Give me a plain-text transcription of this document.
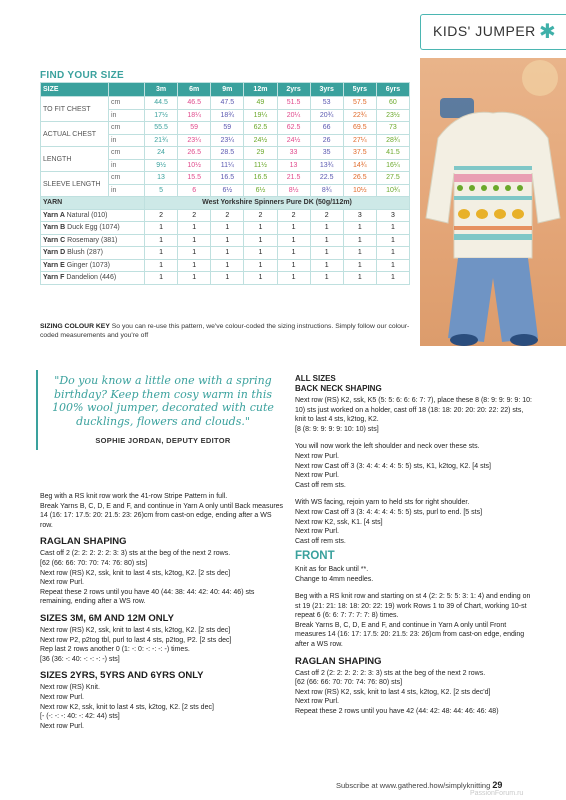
KIDS' JUMPER ✱
FIND YOUR SIZE
SIZE		3m	6m	9m	12m	2yrs	3yrs	5yrs	6yrs
TO FIT CHEST	cm	44.5	46.5	47.5	49	51.5	53	57.5	60
	in	17½	18¼	18¾	19¼	20¼	20¾	22¾	23½
ACTUAL CHEST	cm	55.5	59	59	62.5	62.5	66	69.5	73
	in	21¾	23¼	23¼	24½	24½	26	27¼	28¾
LENGTH	cm	24	26.5	28.5	29	33	35	37.5	41.5
	in	9½	10½	11¼	11½	13	13¾	14¾	16¼
SLEEVE LENGTH	cm	13	15.5	16.5	16.5	21.5	22.5	26.5	27.5
	in	5	6	6½	6½	8½	8¾	10½	10¾
YARN		West Yorkshire Spinners Pure DK (50g/112m)							
Yarn A Natural (010)		2	2	2	2	2	2	3	3
Yarn B Duck Egg (1074)		1	1	1	1	1	1	1	1
Yarn C Rosemary (381)		1	1	1	1	1	1	1	1
Yarn D Blush (287)		1	1	1	1	1	1	1	1
Yarn E Ginger (1073)		1	1	1	1	1	1	1	1
Yarn F Dandelion (446)		1	1	1	1	1	1	1	1
SIZING COLOUR KEY So you can re-use this pattern, we've colour-coded the sizing instructions. Simply follow our colour-coded measurements and you're off
"Do you know a little one with a spring birthday? Keep them cosy warm in this 100% wool jumper, decorated with cute ducklings, flowers and clouds."
SOPHIE JORDAN, DEPUTY EDITOR

Beg with a RS knit row work the 41-row Stripe Pattern in full.

Break Yarns B, C, D, E and F, and continue in Yarn A only until Back measures 14 (16: 17: 17.5: 20: 21.5: 23: 26)cm from cast-on edge, ending after a WS row.

RAGLAN SHAPING

Cast off 2 (2: 2: 2: 2: 2: 3: 3) sts at the beg of the next 2 rows.

[62 (66: 66: 70: 70: 74: 76: 80) sts]

Next row (RS) K2, ssk, knit to last 4 sts, k2tog, K2. [2 sts dec]

Next row Purl.

Repeat these 2 rows until you have 40 (44: 38: 44: 42: 40: 44: 46) sts remaining, ending after a WS row.

SIZES 3M, 6M AND 12M ONLY

Next row (RS) K2, ssk, knit to last 4 sts, k2tog, K2. [2 sts dec]

Next row P2, p2tog tbl, purl to last 4 sts, p2tog, P2. [2 sts dec]

Rep last 2 rows another 0 (1: -: 0: -: -: -: -) times.

[36 (36: -: 40: -: -: -: -) sts]

SIZES 2YRS, 5YRS AND 6YRS ONLY

Next row (RS) Knit.

Next row Purl.

Next row K2, ssk, knit to last 4 sts, k2tog, K2. [2 sts dec]

[- (-: -: -: 40: -: 42: 44) sts]

Next row Purl.

ALL SIZES
BACK NECK SHAPING

Next row (RS) K2, ssk, K5 (5: 5: 6: 6: 6: 7: 7), place these 8 (8: 9: 9: 9: 9: 10: 10) sts just worked on a holder, cast off 18 (18: 18: 20: 20: 20: 22: 22) sts, knit to last 4 sts, k2tog, K2.

[8 (8: 9: 9: 9: 9: 10: 10) sts]

You will now work the left shoulder and neck over these sts.

Next row Purl.

Next row Cast off 3 (3: 4: 4: 4: 4: 5: 5) sts, K1, k2tog, K2. [4 sts]

Next row Purl.

Cast off rem sts.

With WS facing, rejoin yarn to held sts for right shoulder.

Next row Cast off 3 (3: 4: 4: 4: 4: 5: 5) sts, purl to end. [5 sts]

Next row K2, ssk, K1. [4 sts]

Next row Purl.

Cast off rem sts.

FRONT

Knit as for Back until **.

Change to 4mm needles.

Beg with a RS knit row and starting on st 4 (2: 2: 5: 5: 3: 1: 4) and ending on st 19 (21: 21: 18: 18: 20: 22: 19) work Rows 1 to 39 of Chart, working 10-st repeat 6 (6: 6: 7: 7: 7: 7: 8) times.

Break Yarns B, C, D, E and F, and continue in Yarn A only until Front measures 14 (16: 17: 17.5: 20: 21.5: 23: 26)cm from cast-on edge, ending after a WS row.

RAGLAN SHAPING

Cast off 2 (2: 2: 2: 2: 2: 3: 3) sts at the beg of the next 2 rows.

[62 (66: 66: 70: 70: 74: 76: 80) sts]

Next row (RS) K2, ssk, knit to last 4 sts, k2tog, K2. [2 sts dec'd]

Next row Purl.

Repeat these 2 rows until you have 42 (44: 42: 48: 44: 46: 46: 48)

Subscribe at www.gathered.how/simplyknitting 29
PassionForum.ru
